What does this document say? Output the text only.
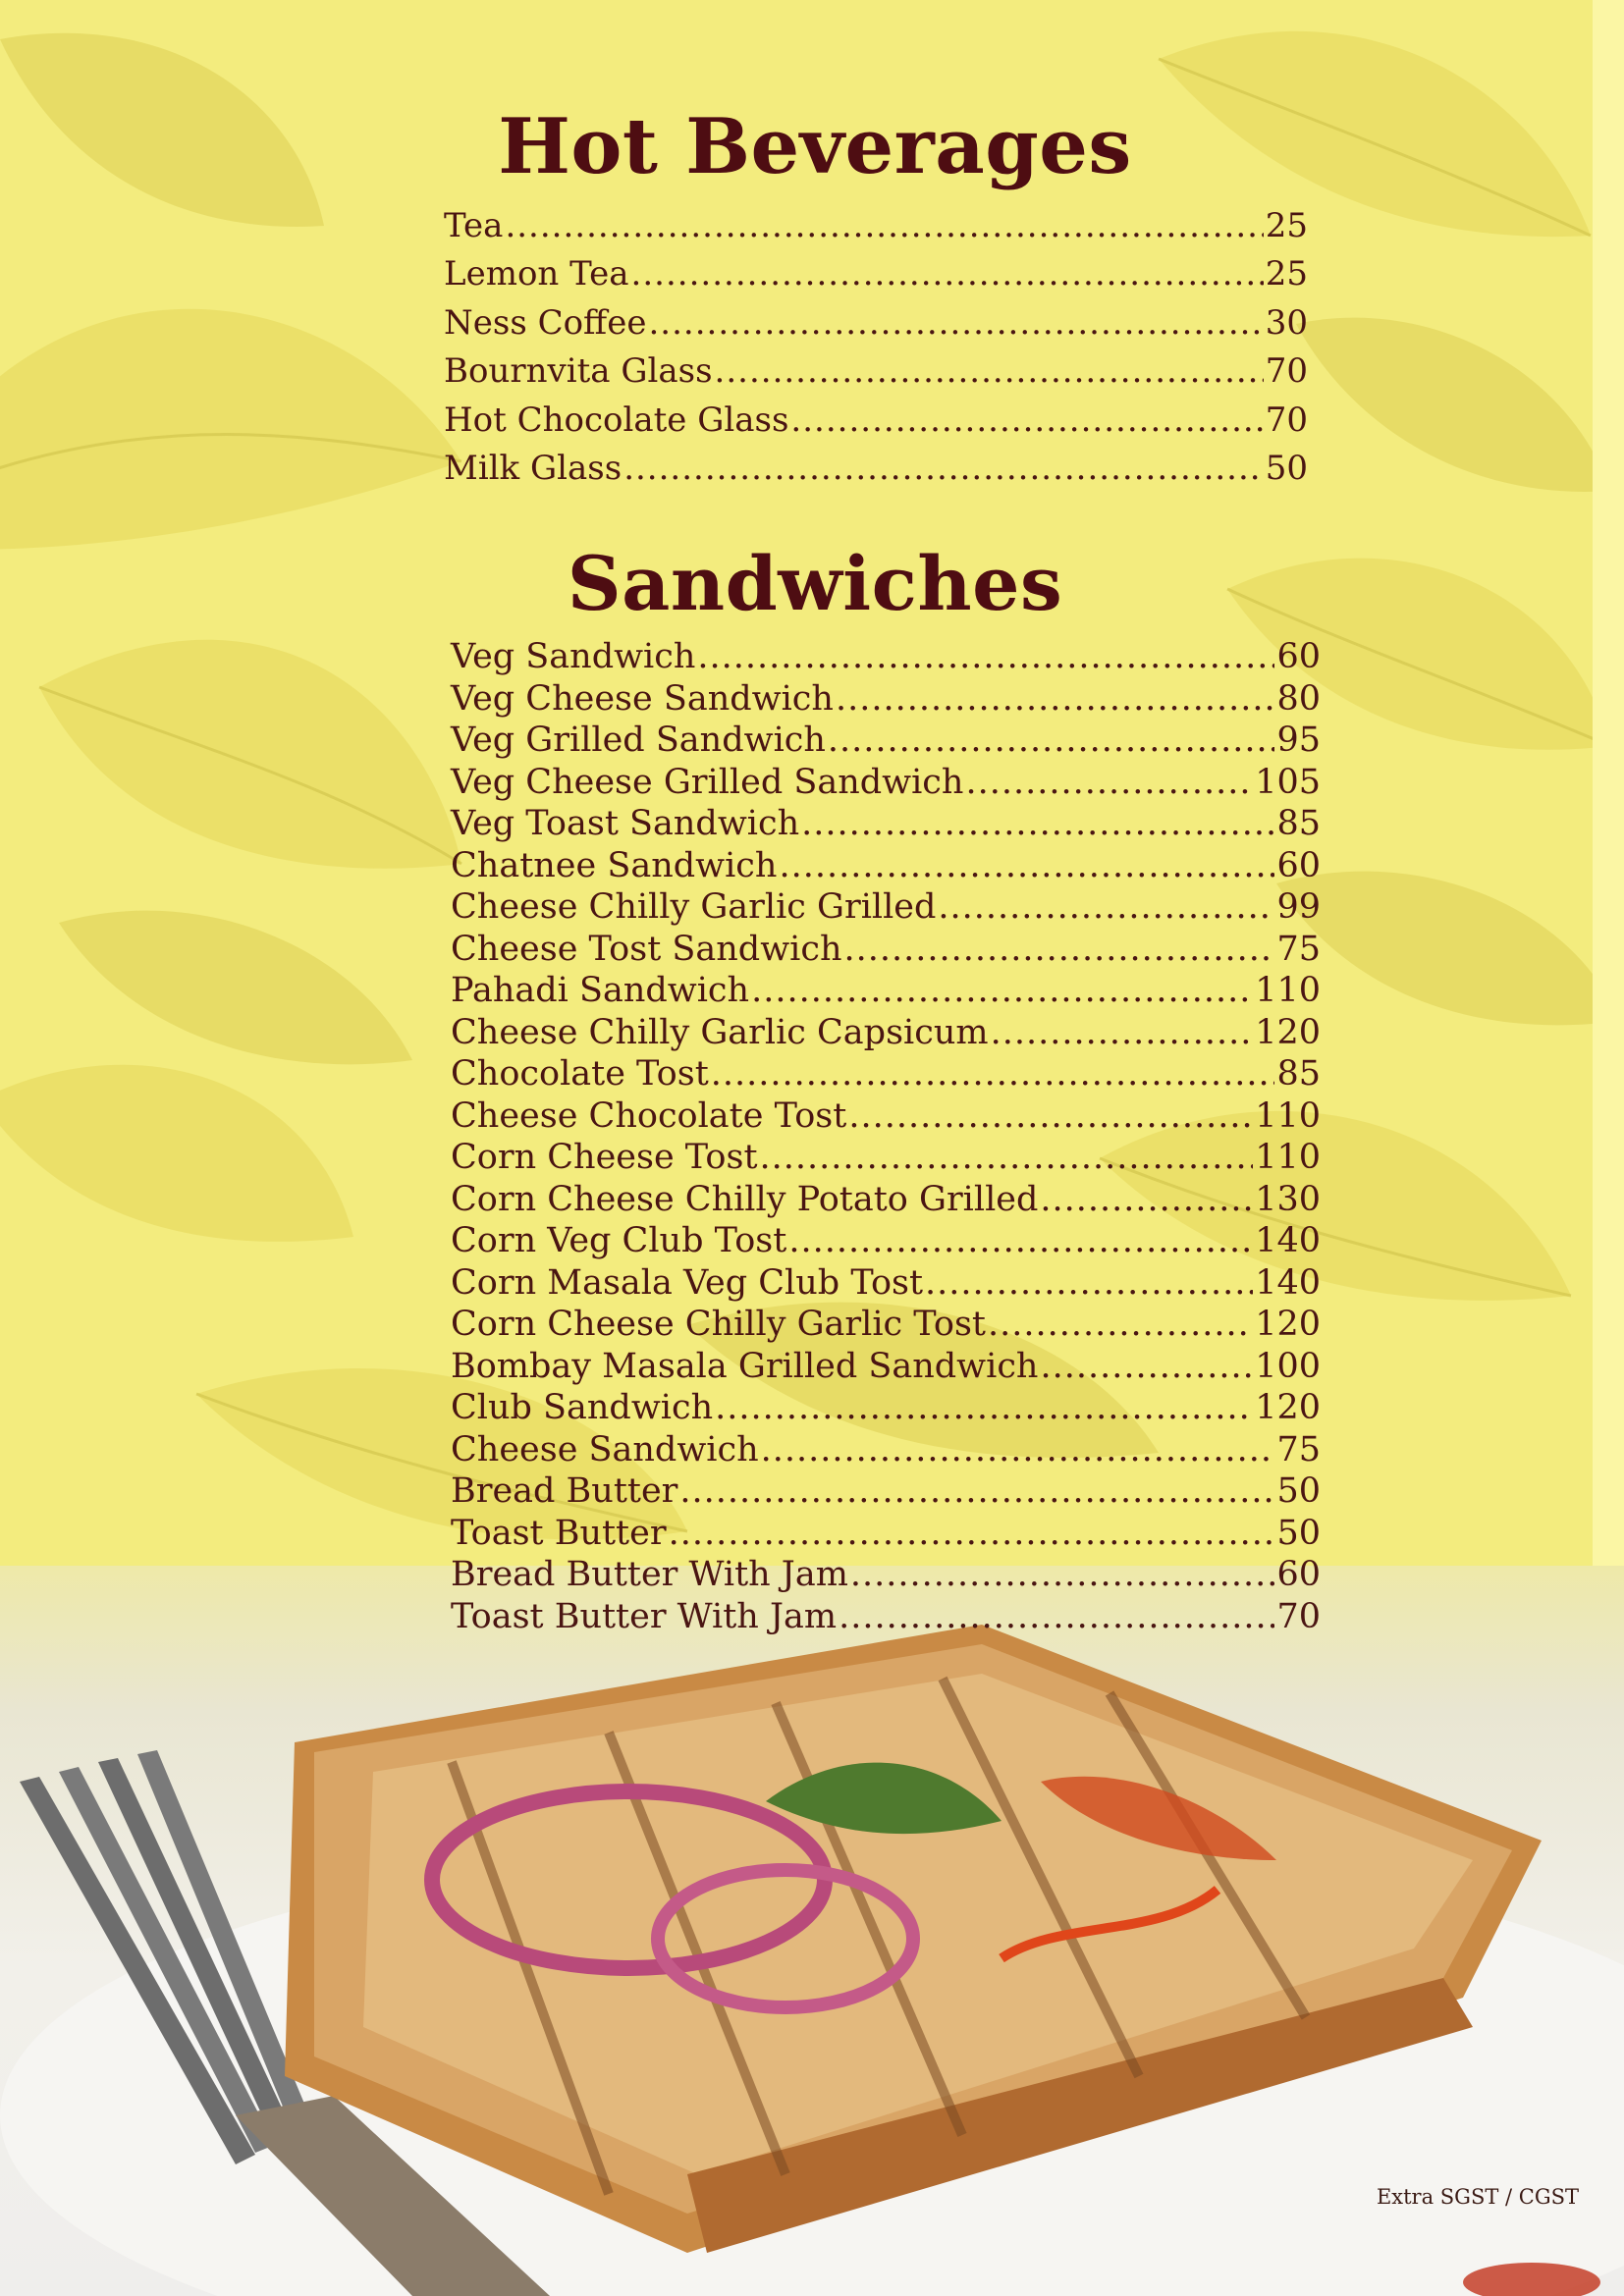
Hot Beverages
Tea .....	25
Lemon Tea .....	25
Ness Coffee .....	30
Bournvita Glass .....	70
Hot Chocolate Glass .....	70
Milk Glass .....	50
Sandwiches
Veg Sandwich .....	60
Veg Cheese Sandwich .....	80
Veg Grilled Sandwich .....	95
Veg Cheese Grilled Sandwich .....	105
Veg Toast Sandwich .....	85
Chatnee Sandwich .....	60
Cheese Chilly Garlic Grilled .....	99
Cheese Tost Sandwich .....	75
Pahadi Sandwich .....	110
Cheese Chilly Garlic Capsicum .....	120
Chocolate Tost .....	85
Cheese Chocolate Tost .....	110
Corn Cheese Tost .....	110
Corn Cheese Chilly Potato Grilled .....	130
Corn Veg Club Tost .....	140
Corn Masala Veg Club Tost .....	140
Corn Cheese Chilly Garlic Tost .....	120
Bombay Masala Grilled Sandwich .....	100
Club Sandwich .....	120
Cheese Sandwich .....	75
Bread Butter .....	50
Toast Butter .....	50
Bread Butter With Jam .....	60
Toast Butter With Jam .....	70

Extra SGST / CGST
